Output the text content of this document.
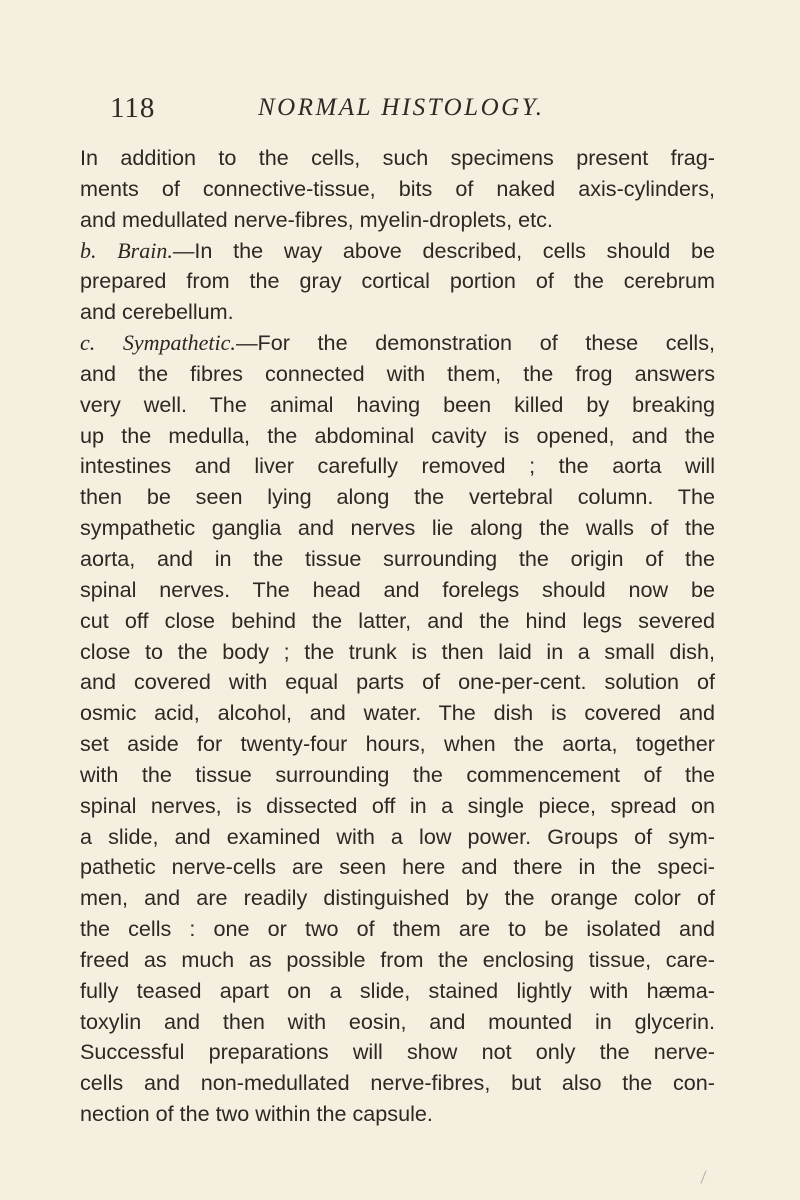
118	NORMAL HISTOLOGY.
In addition to the cells, such specimens present frag-
ments of connective-tissue, bits of naked axis-cylinders,
and medullated nerve-fibres, myelin-droplets, etc.
b. Brain.—In the way above described, cells should be
prepared from the gray cortical portion of the cerebrum
and cerebellum.
c. Sympathetic.—For the demonstration of these cells,
and the fibres connected with them, the frog answers
very well. The animal having been killed by breaking
up the medulla, the abdominal cavity is opened, and the
intestines and liver carefully removed ; the aorta will
then be seen lying along the vertebral column. The
sympathetic ganglia and nerves lie along the walls of the
aorta, and in the tissue surrounding the origin of the
spinal nerves. The head and forelegs should now be
cut off close behind the latter, and the hind legs severed
close to the body ; the trunk is then laid in a small dish,
and covered with equal parts of one-per-cent. solution of
osmic acid, alcohol, and water. The dish is covered and
set aside for twenty-four hours, when the aorta, together
with the tissue surrounding the commencement of the
spinal nerves, is dissected off in a single piece, spread on
a slide, and examined with a low power. Groups of sym-
pathetic nerve-cells are seen here and there in the speci-
men, and are readily distinguished by the orange color of
the cells : one or two of them are to be isolated and
freed as much as possible from the enclosing tissue, care-
fully teased apart on a slide, stained lightly with hæma-
toxylin and then with eosin, and mounted in glycerin.
Successful preparations will show not only the nerve-
cells and non-medullated nerve-fibres, but also the con-
nection of the two within the capsule.
